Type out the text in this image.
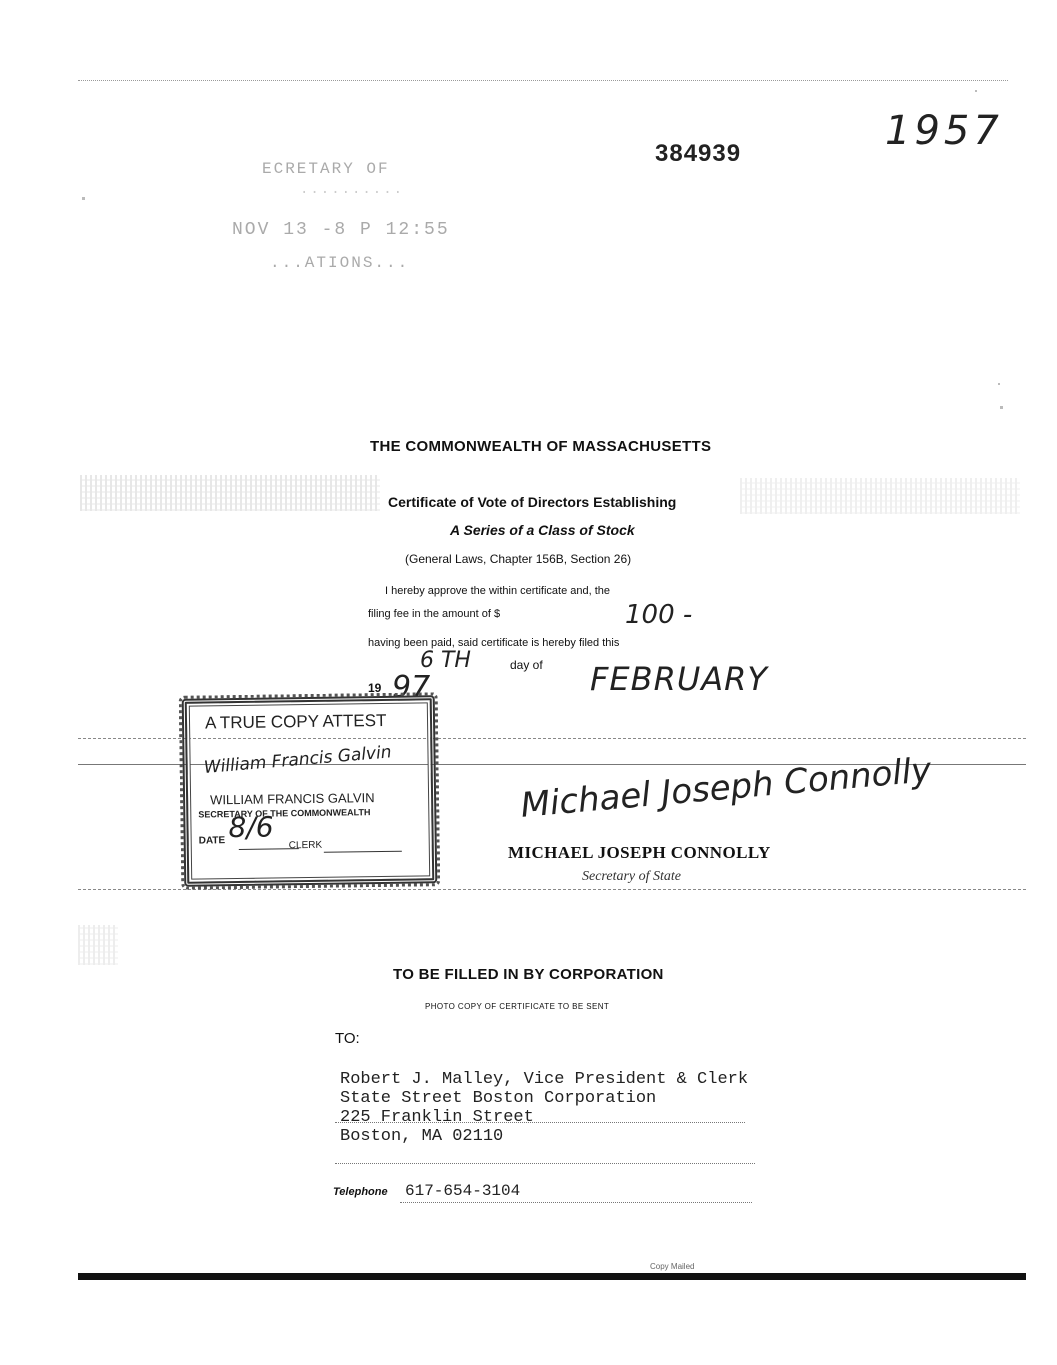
384939	1957
ECRETARY OF
..........
NOV 13 -8 P 12:55
...ATIONS...
THE COMMONWEALTH OF MASSACHUSETTS
Certificate of Vote of Directors Establishing
A Series of a Class of Stock
(General Laws, Chapter 156B, Section 26)
I hereby approve the within certificate and, the
filing fee in the amount of $	100 -
having been paid, said certificate is hereby filed this
6 TH	day of FEBRUARY
19 97
A TRUE COPY ATTEST
William Francis Galvin
WILLIAM FRANCIS GALVIN
SECRETARY OF THE COMMONWEALTH
DATE 8/6
CLERK
Michael Joseph Connolly
MICHAEL JOSEPH CONNOLLY
Secretary of State
TO BE FILLED IN BY CORPORATION
PHOTO COPY OF CERTIFICATE TO BE SENT
TO:
Robert J. Malley, Vice President & Clerk
State Street Boston Corporation
225 Franklin Street
Boston, MA 02110
Telephone 617-654-3104
Copy Mailed
